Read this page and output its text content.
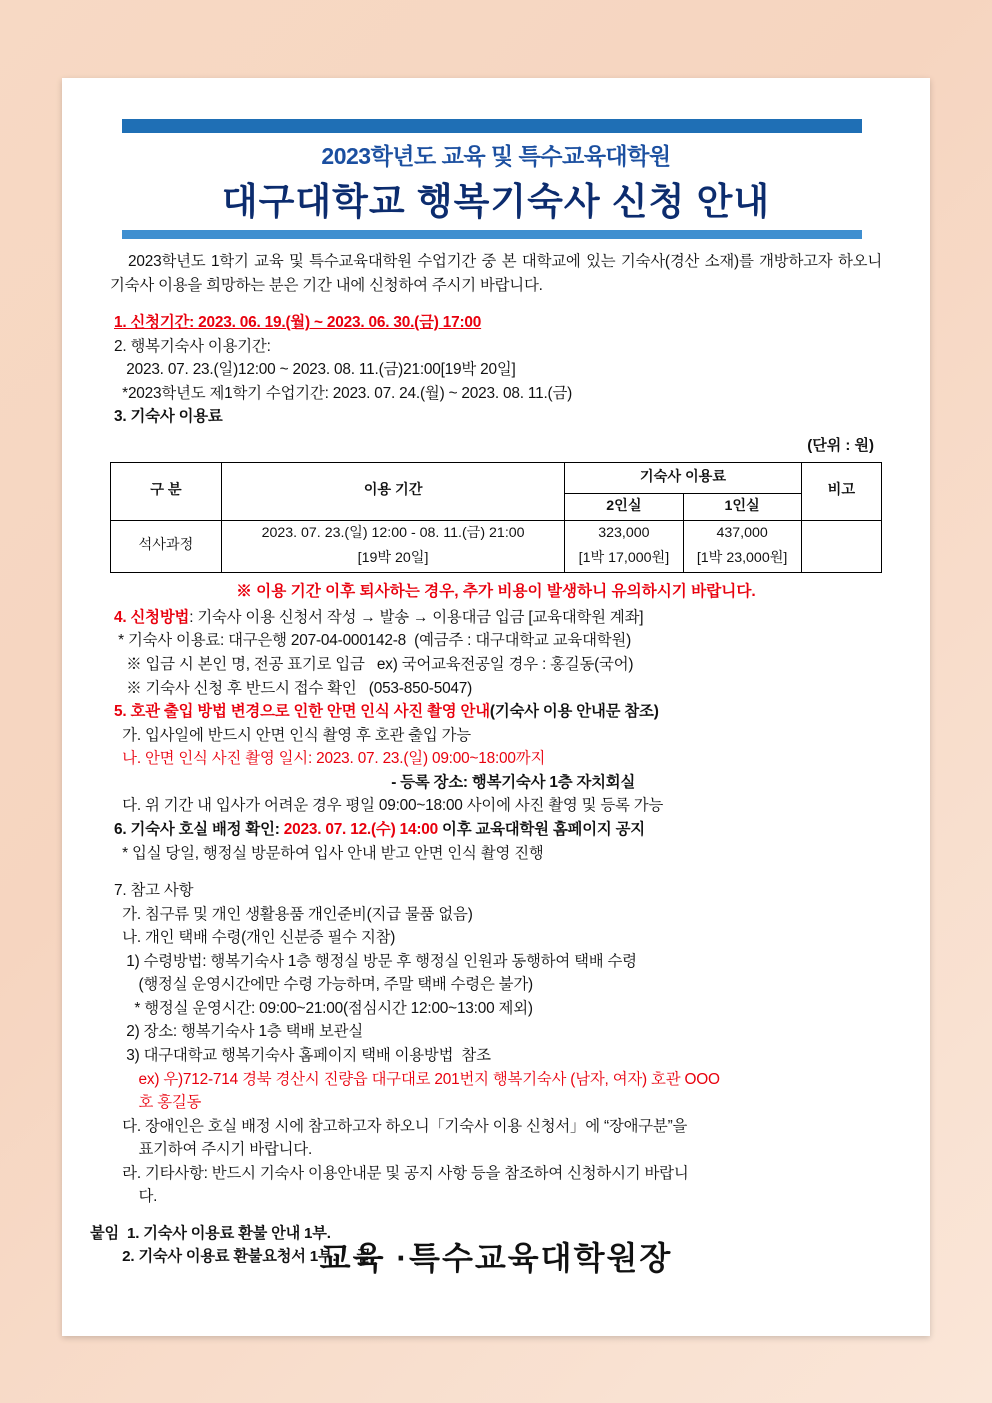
2023학년도 교육 및 특수교육대학원
대구대학교 행복기숙사 신청 안내

2023학년도 1학기 교육 및 특수교육대학원 수업기간 중 본 대학교에 있는 기숙사(경산 소재)를 개방하고자 하오니 기숙사 이용을 희망하는 분은 기간 내에 신청하여 주시기 바랍니다.

1. 신청기간: 2023. 06. 19.(월) ~ 2023. 06. 30.(금) 17:00
2. 행복기숙사 이용기간:
2023. 07. 23.(일)12:00 ~ 2023. 08. 11.(금)21:00[19박 20일]
*2023학년도 제1학기 수업기간: 2023. 07. 24.(월) ~ 2023. 08. 11.(금)
3. 기숙사 이용료
(단위 : 원)
구 분	이용 기간	기숙사 이용료		비고
		2인실	1인실	
석사과정	2023. 07. 23.(일) 12:00 - 08. 11.(금) 21:00	323,000	437,000	
	[19박 20일]	[1박 17,000원]	[1박 23,000원]	
※ 이용 기간 이후 퇴사하는 경우, 추가 비용이 발생하니 유의하시기 바랍니다.
4. 신청방법: 기숙사 이용 신청서 작성 → 발송 → 이용대금 입금 [교육대학원 계좌]
* 기숙사 이용료: 대구은행 207-04-000142-8  (예금주 : 대구대학교 교육대학원)
※ 입금 시 본인 명, 전공 표기로 입금   ex) 국어교육전공일 경우 : 홍길동(국어)
※ 기숙사 신청 후 반드시 접수 확인   (053-850-5047)
5. 호관 출입 방법 변경으로 인한 안면 인식 사진 촬영 안내(기숙사 이용 안내문 참조)
가. 입사일에 반드시 안면 인식 촬영 후 호관 출입 가능
나. 안면 인식 사진 촬영 일시: 2023. 07. 23.(일) 09:00~18:00까지
- 등록 장소: 행복기숙사 1층 자치회실
다. 위 기간 내 입사가 어려운 경우 평일 09:00~18:00 사이에 사진 촬영 및 등록 가능
6. 기숙사 호실 배정 확인: 2023. 07. 12.(수) 14:00 이후 교육대학원 홈페이지 공지
* 입실 당일, 행정실 방문하여 입사 안내 받고 안면 인식 촬영 진행
7. 참고 사항
가. 침구류 및 개인 생활용품 개인준비(지급 물품 없음)
나. 개인 택배 수령(개인 신분증 필수 지참)
1) 수령방법: 행복기숙사 1층 행정실 방문 후 행정실 인원과 동행하여 택배 수령
(행정실 운영시간에만 수령 가능하며, 주말 택배 수령은 불가)
* 행정실 운영시간: 09:00~21:00(점심시간 12:00~13:00 제외)
2) 장소: 행복기숙사 1층 택배 보관실
3) 대구대학교 행복기숙사 홈페이지 택배 이용방법  참조
ex) 우)712-714 경북 경산시 진량읍 대구대로 201번지 행복기숙사 (남자, 여자) 호관 OOO
호 홍길동
다. 장애인은 호실 배정 시에 참고하고자 하오니「기숙사 이용 신청서」에 “장애구분”을
표기하여 주시기 바랍니다.
라. 기타사항: 반드시 기숙사 이용안내문 및 공지 사항 등을 참조하여 신청하시기 바랍니
다.
붙임  1. 기숙사 이용료 환불 안내 1부.
2. 기숙사 이용료 환불요청서 1부.     끝.
교육 ·특수교육대학원장
